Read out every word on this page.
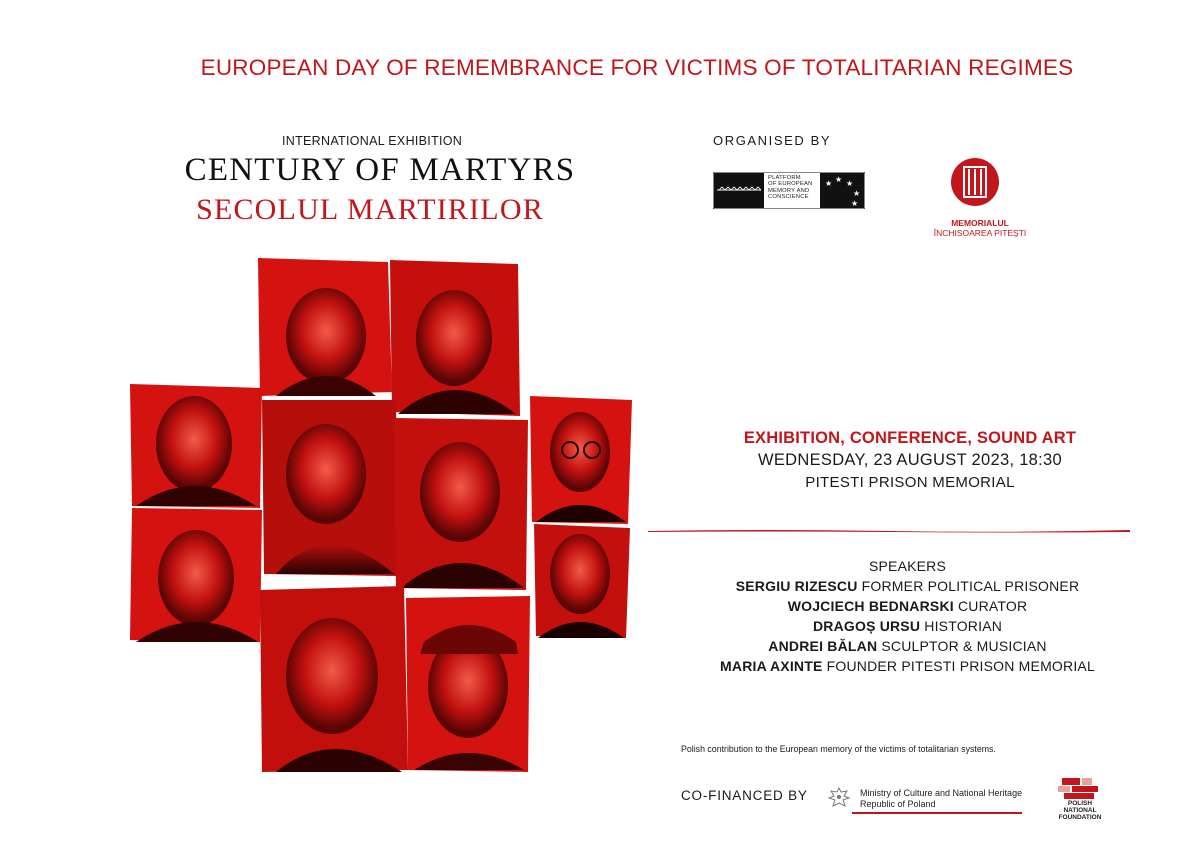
EUROPEAN DAY OF REMEMBRANCE FOR VICTIMS OF TOTALITARIAN REGIMES
INTERNATIONAL EXHIBITION
CENTURY OF MARTYRS
SECOLUL MARTIRILOR
ORGANISED BY
★ ★ ★
★
★
PLATFORM
OF EUROPEAN
MEMORY AND
CONSCIENCE
MEMORIALUL
ÎNCHISOAREA PITEȘTI
EXHIBITION, CONFERENCE, SOUND ART
WEDNESDAY, 23 AUGUST 2023, 18:30
PITESTI PRISON MEMORIAL
SPEAKERS
SERGIU RIZESCU FORMER POLITICAL PRISONER
WOJCIECH BEDNARSKI CURATOR
DRAGOȘ URSU HISTORIAN
ANDREI BĂLAN SCULPTOR & MUSICIAN
MARIA AXINTE FOUNDER PITESTI PRISON MEMORIAL
Polish contribution to the European memory of the victims of totalitarian systems.
CO-FINANCED BY	Ministry of Culture and National Heritage
Republic of Poland	POLISH
NATIONAL
FOUNDATION
